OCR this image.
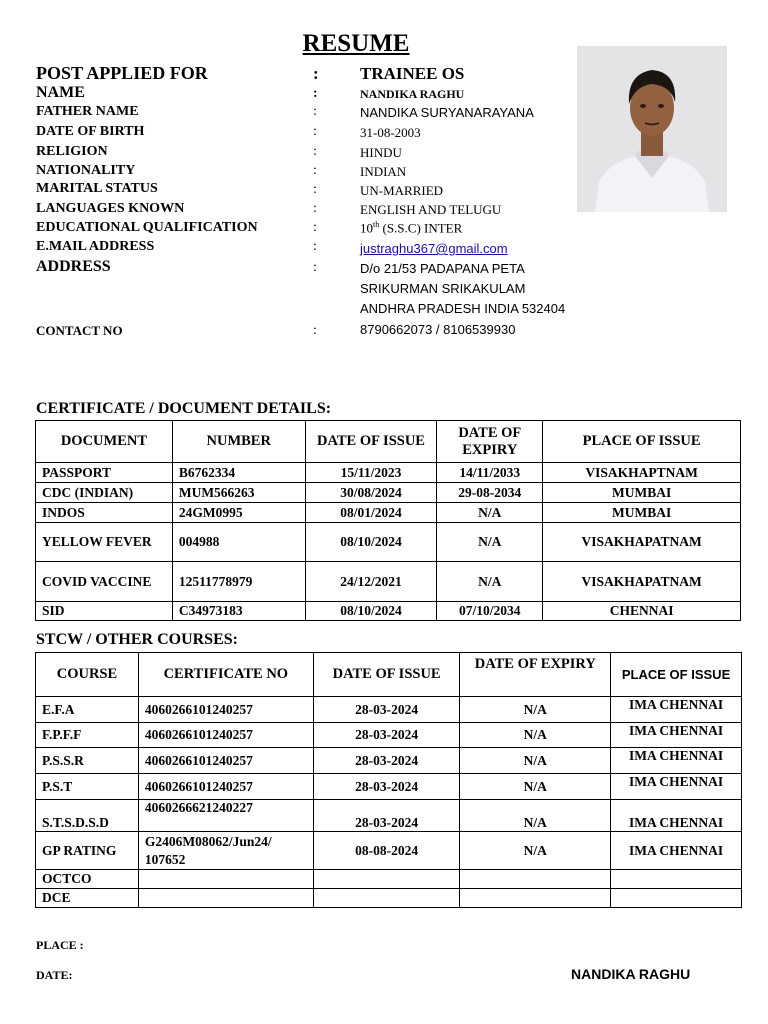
RESUME
POST APPLIED FOR	: TRAINEE OS
NAME	:	NANDIKA RAGHU
FATHER NAME	:	NANDIKA SURYANARAYANA
DATE OF BIRTH	:	31-08-2003
RELIGION	:	HINDU
NATIONALITY	:	INDIAN
MARITAL STATUS	:	UN-MARRIED
LANGUAGES KNOWN	:	ENGLISH AND TELUGU
EDUCATIONAL QUALIFICATION	:	10th (S.S.C) INTER
E.MAIL ADDRESS	:	justraghu367@gmail.com
ADDRESS	:	D/o 21/53 PADAPANA PETA
SRIKURMAN SRIKAKULAM
ANDHRA PRADESH INDIA 532404
CONTACT NO	:	8790662073 / 8106539930
CERTIFICATE / DOCUMENT DETAILS:
DOCUMENT	NUMBER	DATE OF ISSUE	DATE OF EXPIRY	PLACE OF ISSUE
PASSPORT	B6762334	15/11/2023	14/11/2033	VISAKHAPTNAM
CDC (INDIAN)	MUM566263	30/08/2024	29-08-2034	MUMBAI
INDOS	24GM0995	08/01/2024	N/A	MUMBAI
YELLOW FEVER	004988	08/10/2024	N/A	VISAKHAPATNAM
COVID VACCINE	12511778979	24/12/2021	N/A	VISAKHAPATNAM
SID	C34973183	08/10/2024	07/10/2034	CHENNAI
STCW / OTHER COURSES:
COURSE	CERTIFICATE NO	DATE OF ISSUE	DATE OF EXPIRY	PLACE OF ISSUE
E.F.A	4060266101240257	28-03-2024	N/A	IMA CHENNAI
F.P.F.F	4060266101240257	28-03-2024	N/A	IMA CHENNAI
P.S.S.R	4060266101240257	28-03-2024	N/A	IMA CHENNAI
P.S.T	4060266101240257	28-03-2024	N/A	IMA CHENNAI
S.T.S.D.S.D	4060266621240227	28-03-2024	N/A	IMA CHENNAI
GP RATING	G2406M08062/Jun24/ 107652	08-08-2024	N/A	IMA CHENNAI
OCTCO				
DCE				
PLACE :
DATE:	NANDIKA RAGHU
